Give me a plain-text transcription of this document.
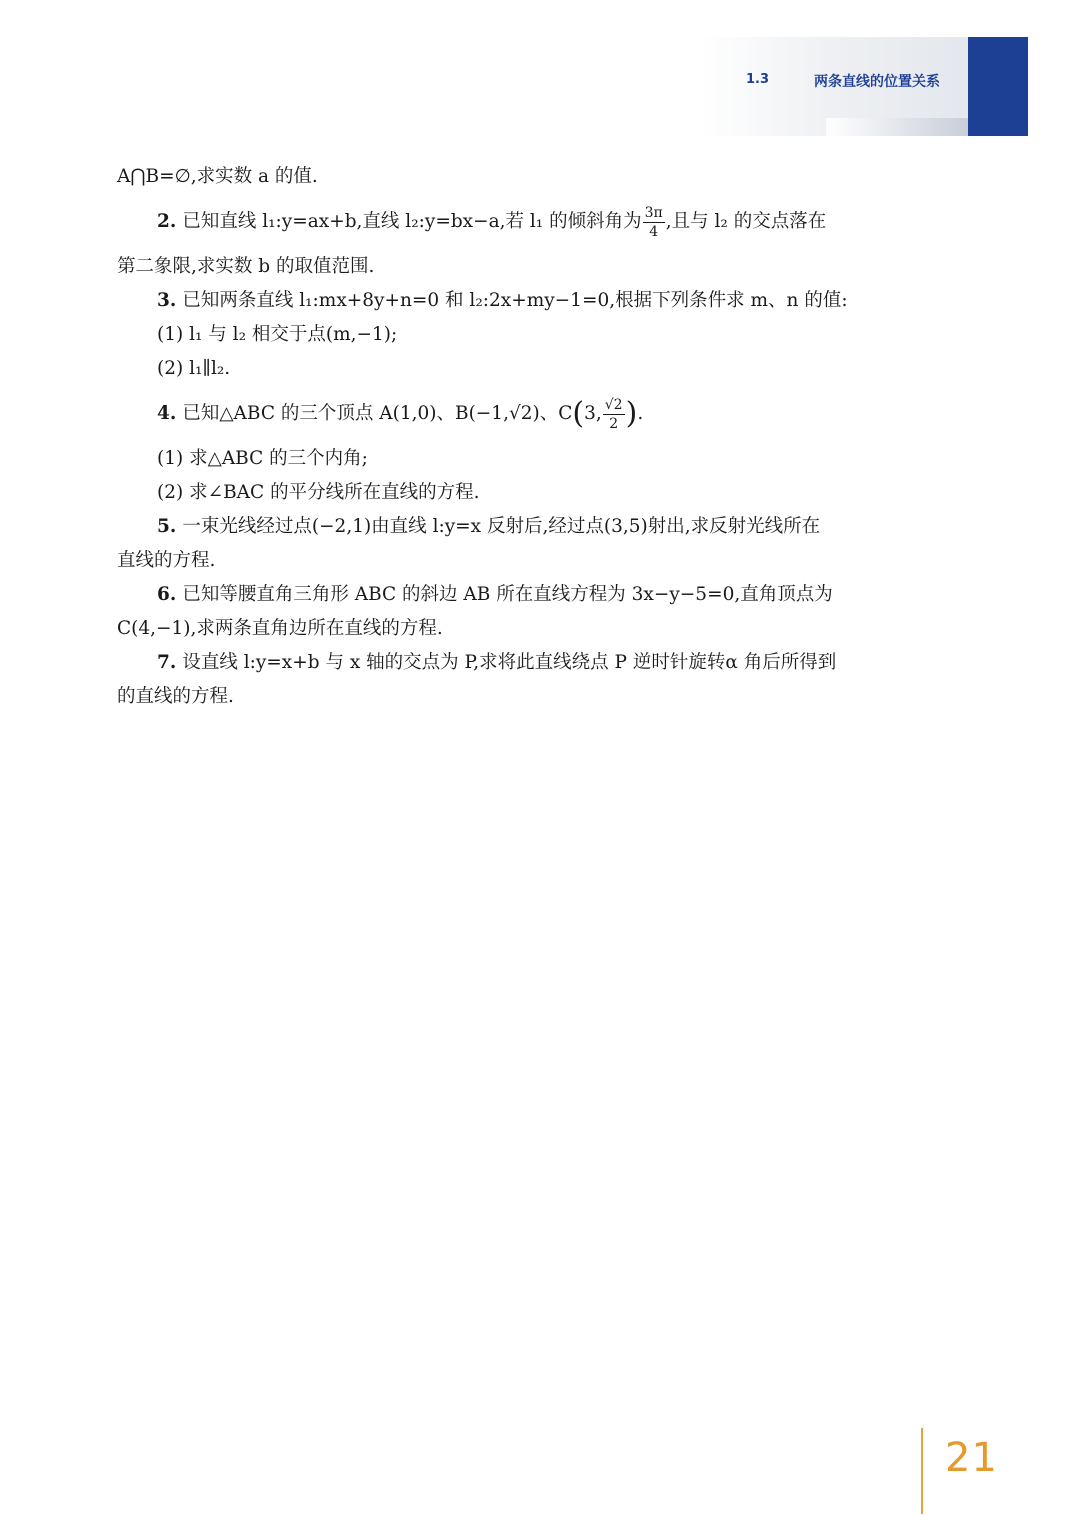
1.3	两条直线的位置关系
A⋂B=∅,求实数 a 的值.
2. 已知直线 l₁:y=ax+b,直线 l₂:y=bx−a,若 l₁ 的倾斜角为 $\frac{3\pi}{4}$ ,且与 l₂ 的交点落在
第二象限,求实数 b 的取值范围.
3. 已知两条直线 l₁:mx+8y+n=0 和 l₂:2x+my−1=0,根据下列条件求 m、n 的值:
(1) l₁ 与 l₂ 相交于点(m,−1);
(2) l₁∥l₂.
4. 已知△ABC 的三个顶点 A(1,0)、B(−1,√2)、C(3, $\frac{√2}{2}$ ).
(1) 求△ABC 的三个内角;
(2) 求∠BAC 的平分线所在直线的方程.
5. 一束光线经过点(−2,1)由直线 l:y=x 反射后,经过点(3,5)射出,求反射光线所在
直线的方程.
6. 已知等腰直角三角形 ABC 的斜边 AB 所在直线方程为 3x−y−5=0,直角顶点为
C(4,−1),求两条直角边所在直线的方程.
7. 设直线 l:y=x+b 与 x 轴的交点为 P,求将此直线绕点 P 逆时针旋转α 角后所得到
的直线的方程.
21
